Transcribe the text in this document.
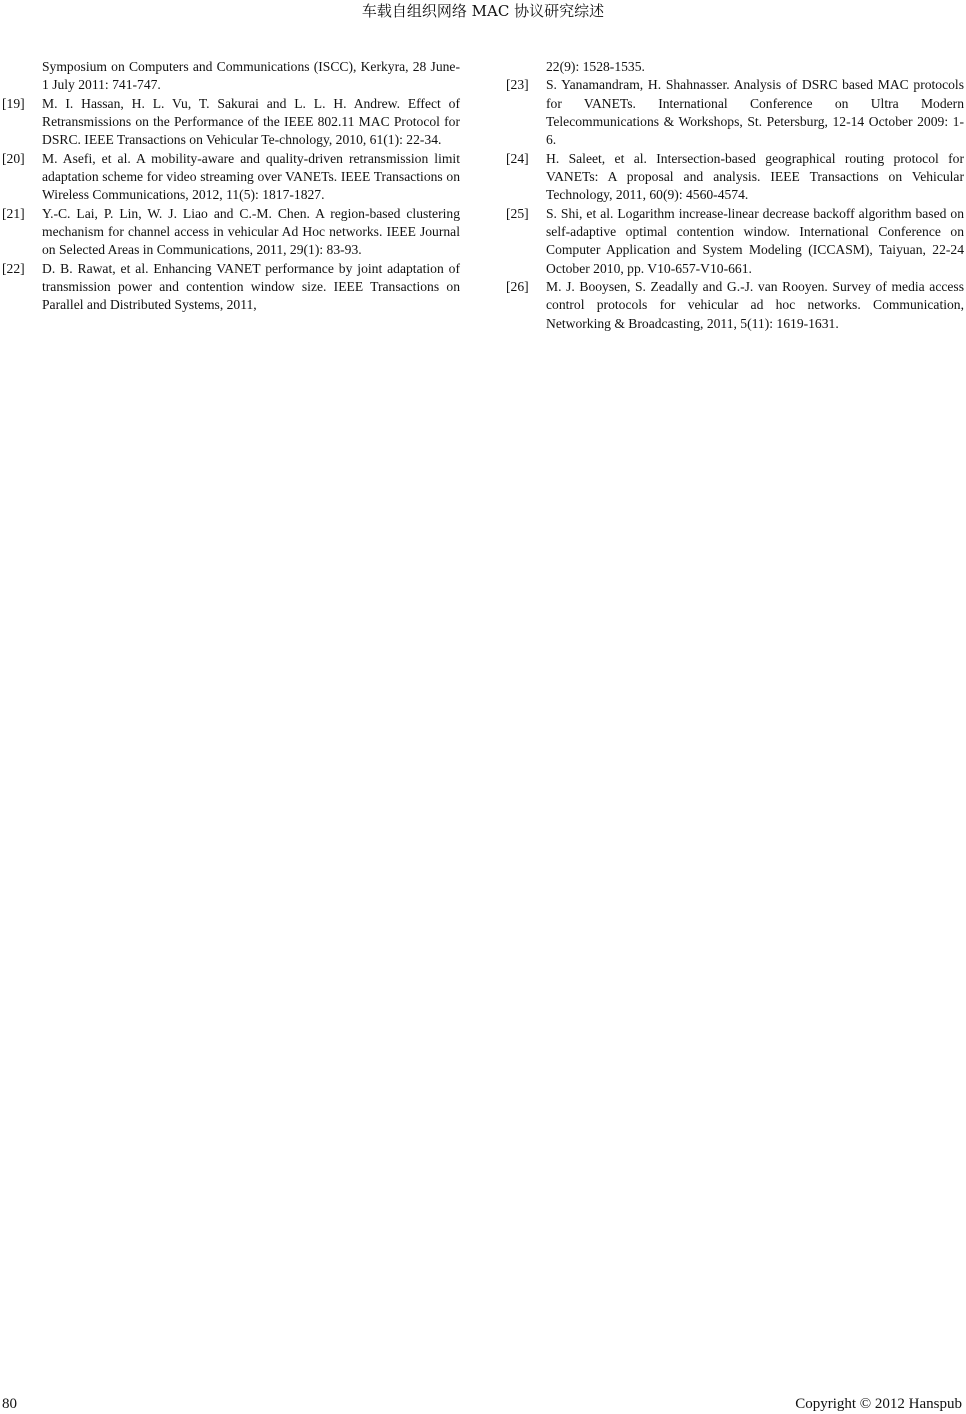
车载自组织网络 MAC 协议研究综述
Symposium on Computers and Communications (ISCC), Kerkyra, 28 June-1 July 2011: 741-747.
[19]	M. I. Hassan, H. L. Vu, T. Sakurai and L. L. H. Andrew. Effect of Retransmissions on the Performance of the IEEE 802.11 MAC Protocol for DSRC. IEEE Transactions on Vehicular Te-chnology, 2010, 61(1): 22-34.
[20]	M. Asefi, et al. A mobility-aware and quality-driven retransmission limit adaptation scheme for video streaming over VANETs. IEEE Transactions on Wireless Communications, 2012, 11(5): 1817-1827.
[21]	Y.-C. Lai, P. Lin, W. J. Liao and C.-M. Chen. A region-based clustering mechanism for channel access in vehicular Ad Hoc networks. IEEE Journal on Selected Areas in Communications, 2011, 29(1): 83-93.
[22]	D. B. Rawat, et al. Enhancing VANET performance by joint adaptation of transmission power and contention window size. IEEE Transactions on Parallel and Distributed Systems, 2011,
22(9): 1528-1535.
[23]	S. Yanamandram, H. Shahnasser. Analysis of DSRC based MAC protocols for VANETs. International Conference on Ultra Modern Telecommunications & Workshops, St. Petersburg, 12-14 October 2009: 1-6.
[24]	H. Saleet, et al. Intersection-based geographical routing protocol for VANETs: A proposal and analysis. IEEE Transactions on Vehicular Technology, 2011, 60(9): 4560-4574.
[25]	S. Shi, et al. Logarithm increase-linear decrease backoff algorithm based on self-adaptive optimal contention window. International Conference on Computer Application and System Modeling (ICCASM), Taiyuan, 22-24 October 2010, pp. V10-657-V10-661.
[26]	M. J. Booysen, S. Zeadally and G.-J. van Rooyen. Survey of media access control protocols for vehicular ad hoc networks. Communication, Networking & Broadcasting, 2011, 5(11): 1619-1631.
80	Copyright © 2012 Hanspub
